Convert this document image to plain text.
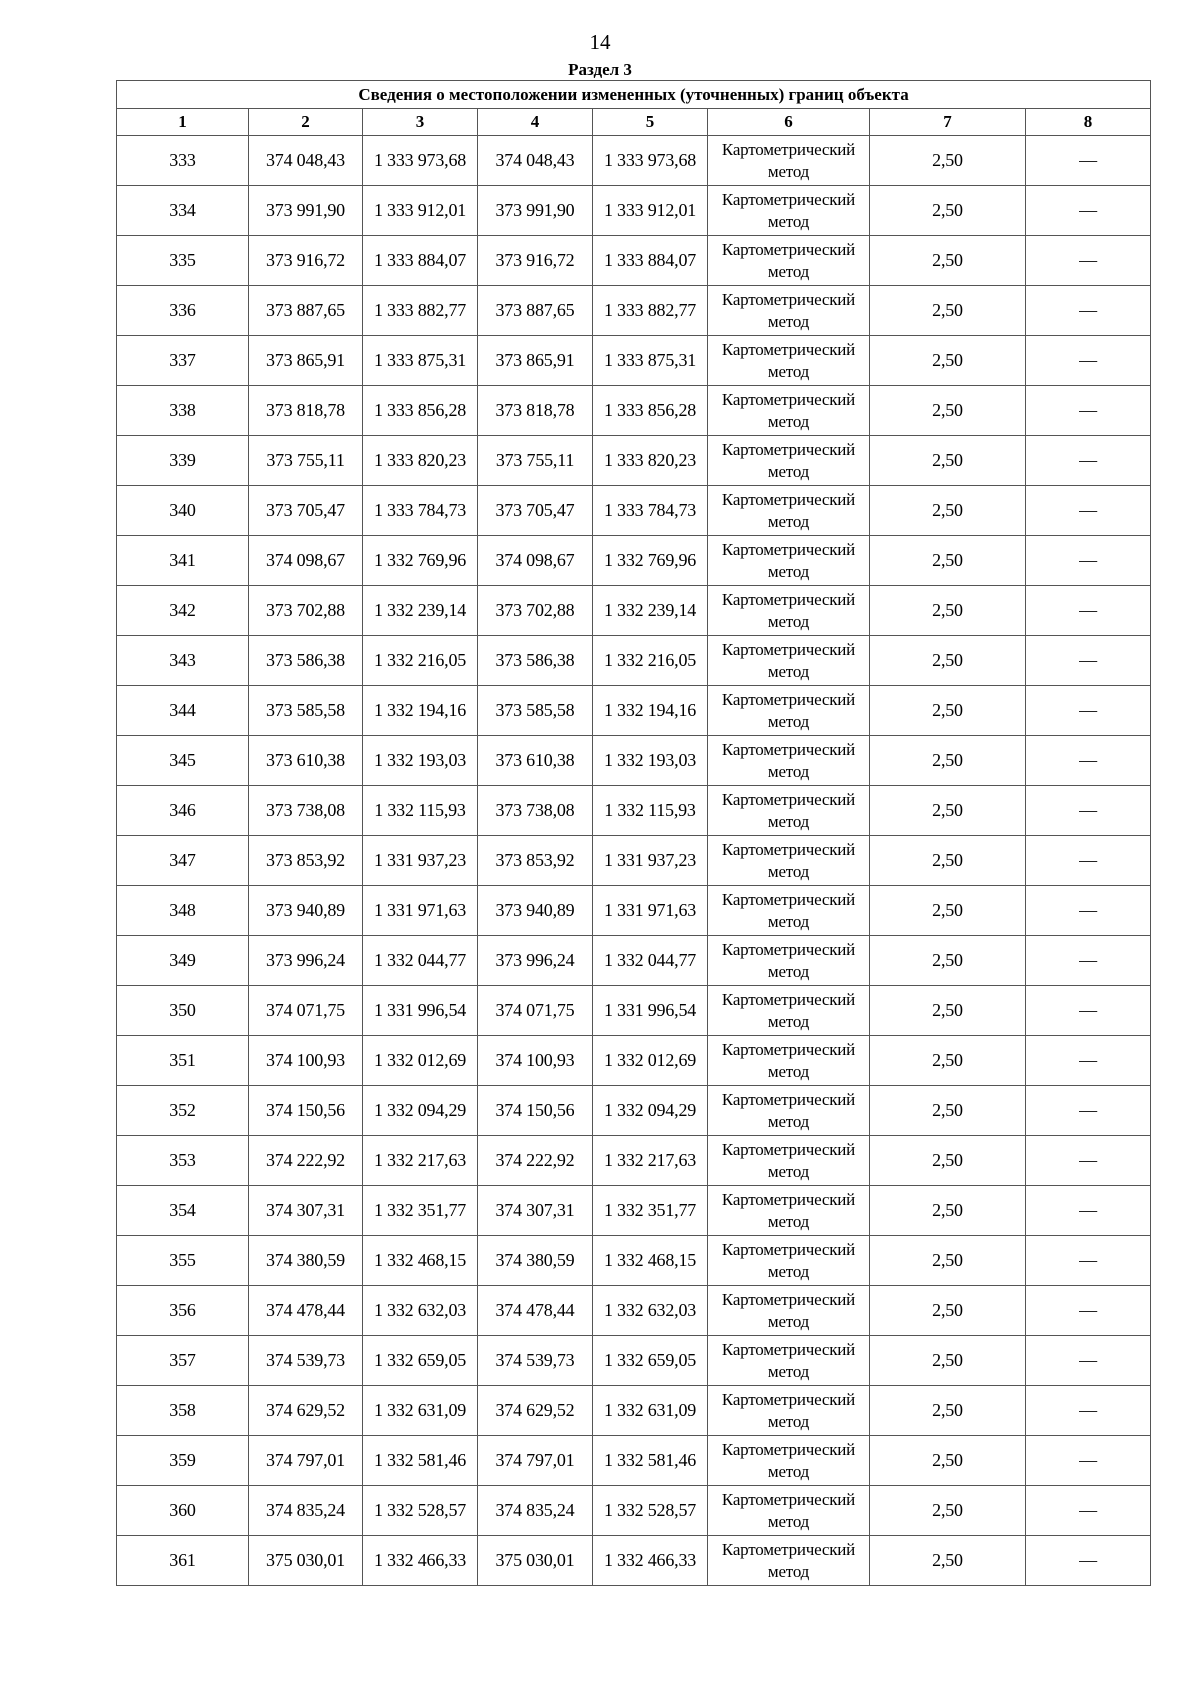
14
Раздел 3
Сведения о местоположении измененных (уточненных) границ объекта							
1	2	3	4	5	6	7	8
333	374 048,43	1 333 973,68	374 048,43	1 333 973,68	Картометрический метод	2,50	—
334	373 991,90	1 333 912,01	373 991,90	1 333 912,01	Картометрический метод	2,50	—
335	373 916,72	1 333 884,07	373 916,72	1 333 884,07	Картометрический метод	2,50	—
336	373 887,65	1 333 882,77	373 887,65	1 333 882,77	Картометрический метод	2,50	—
337	373 865,91	1 333 875,31	373 865,91	1 333 875,31	Картометрический метод	2,50	—
338	373 818,78	1 333 856,28	373 818,78	1 333 856,28	Картометрический метод	2,50	—
339	373 755,11	1 333 820,23	373 755,11	1 333 820,23	Картометрический метод	2,50	—
340	373 705,47	1 333 784,73	373 705,47	1 333 784,73	Картометрический метод	2,50	—
341	374 098,67	1 332 769,96	374 098,67	1 332 769,96	Картометрический метод	2,50	—
342	373 702,88	1 332 239,14	373 702,88	1 332 239,14	Картометрический метод	2,50	—
343	373 586,38	1 332 216,05	373 586,38	1 332 216,05	Картометрический метод	2,50	—
344	373 585,58	1 332 194,16	373 585,58	1 332 194,16	Картометрический метод	2,50	—
345	373 610,38	1 332 193,03	373 610,38	1 332 193,03	Картометрический метод	2,50	—
346	373 738,08	1 332 115,93	373 738,08	1 332 115,93	Картометрический метод	2,50	—
347	373 853,92	1 331 937,23	373 853,92	1 331 937,23	Картометрический метод	2,50	—
348	373 940,89	1 331 971,63	373 940,89	1 331 971,63	Картометрический метод	2,50	—
349	373 996,24	1 332 044,77	373 996,24	1 332 044,77	Картометрический метод	2,50	—
350	374 071,75	1 331 996,54	374 071,75	1 331 996,54	Картометрический метод	2,50	—
351	374 100,93	1 332 012,69	374 100,93	1 332 012,69	Картометрический метод	2,50	—
352	374 150,56	1 332 094,29	374 150,56	1 332 094,29	Картометрический метод	2,50	—
353	374 222,92	1 332 217,63	374 222,92	1 332 217,63	Картометрический метод	2,50	—
354	374 307,31	1 332 351,77	374 307,31	1 332 351,77	Картометрический метод	2,50	—
355	374 380,59	1 332 468,15	374 380,59	1 332 468,15	Картометрический метод	2,50	—
356	374 478,44	1 332 632,03	374 478,44	1 332 632,03	Картометрический метод	2,50	—
357	374 539,73	1 332 659,05	374 539,73	1 332 659,05	Картометрический метод	2,50	—
358	374 629,52	1 332 631,09	374 629,52	1 332 631,09	Картометрический метод	2,50	—
359	374 797,01	1 332 581,46	374 797,01	1 332 581,46	Картометрический метод	2,50	—
360	374 835,24	1 332 528,57	374 835,24	1 332 528,57	Картометрический метод	2,50	—
361	375 030,01	1 332 466,33	375 030,01	1 332 466,33	Картометрический метод	2,50	—
